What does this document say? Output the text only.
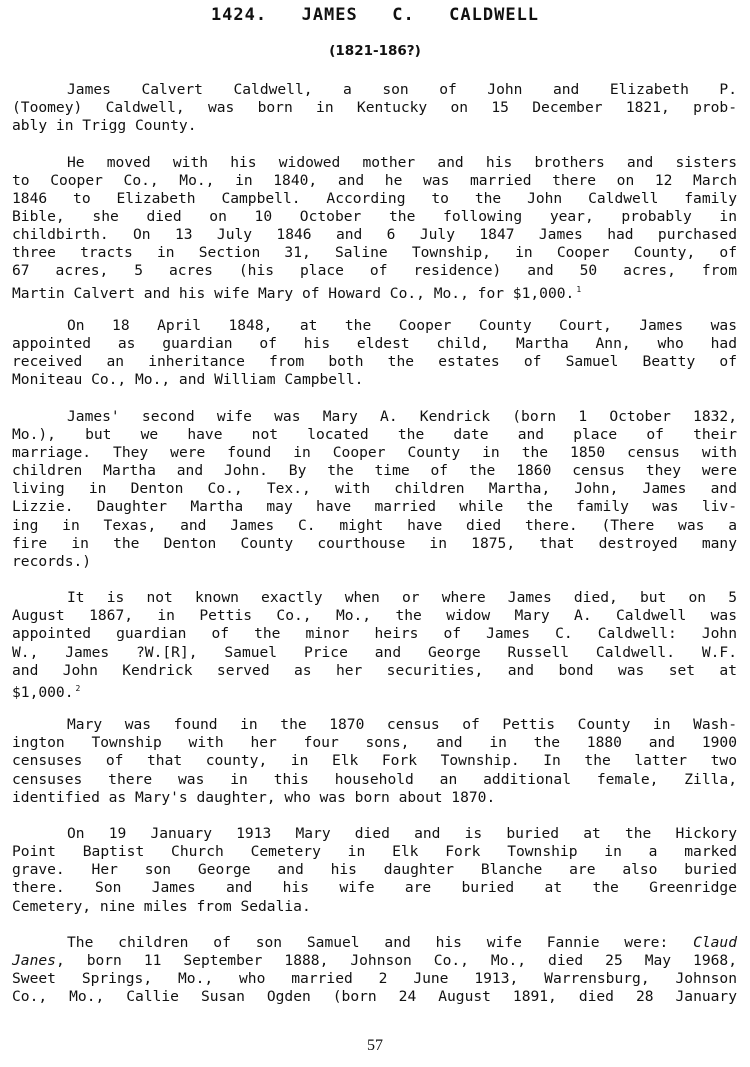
1424.  JAMES  C.  CALDWELL
(1821-186?)
James Calvert Caldwell, a son of John and Elizabeth P.
(Toomey) Caldwell, was born in Kentucky on 15 December 1821, prob-
ably in Trigg County.
He moved with his widowed mother and his brothers and sisters
to Cooper Co., Mo., in 1840, and he was married there on 12 March
1846 to Elizabeth Campbell. According to the John Caldwell family
Bible, she died on 10 October the following year, probably in
childbirth. On 13 July 1846 and 6 July 1847 James had purchased
three tracts in Section 31, Saline Township, in Cooper County, of
67 acres, 5 acres (his place of residence) and 50 acres, from
Martin Calvert and his wife Mary of Howard Co., Mo., for $1,000. $^1$
On 18 April 1848, at the Cooper County Court, James was
appointed as guardian of his eldest child, Martha Ann, who had
received an inheritance from both the estates of Samuel Beatty of
Moniteau Co., Mo., and William Campbell.
James' second wife was Mary A. Kendrick (born 1 October 1832,
Mo.), but we have not located the date and place of their
marriage. They were found in Cooper County in the 1850 census with
children Martha and John. By the time of the 1860 census they were
living in Denton Co., Tex., with children Martha, John, James and
Lizzie. Daughter Martha may have married while the family was liv-
ing in Texas, and James C. might have died there. (There was a
fire in the Denton County courthouse in 1875, that destroyed many
records.)
It is not known exactly when or where James died, but on 5
August 1867, in Pettis Co., Mo., the widow Mary A. Caldwell was
appointed guardian of the minor heirs of James C. Caldwell: John
W., James ?W.[R], Samuel Price and George Russell Caldwell. W.F.
and John Kendrick served as her securities, and bond was set at
$1,000. $^2$
Mary was found in the 1870 census of Pettis County in Wash-
ington Township with her four sons, and in the 1880 and 1900
censuses of that county, in Elk Fork Township. In the latter two
censuses there was in this household an additional female, Zilla,
identified as Mary's daughter, who was born about 1870.
On 19 January 1913 Mary died and is buried at the Hickory
Point Baptist Church Cemetery in Elk Fork Township in a marked
grave. Her son George and his daughter Blanche are also buried
there. Son James and his wife are buried at the Greenridge
Cemetery, nine miles from Sedalia.
The children of son Samuel and his wife Fannie were: Claud
Janes, born 11 September 1888, Johnson Co., Mo., died 25 May 1968,
Sweet Springs, Mo., who married 2 June 1913, Warrensburg, Johnson
Co., Mo., Callie Susan Ogden (born 24 August 1891, died 28 January
57
